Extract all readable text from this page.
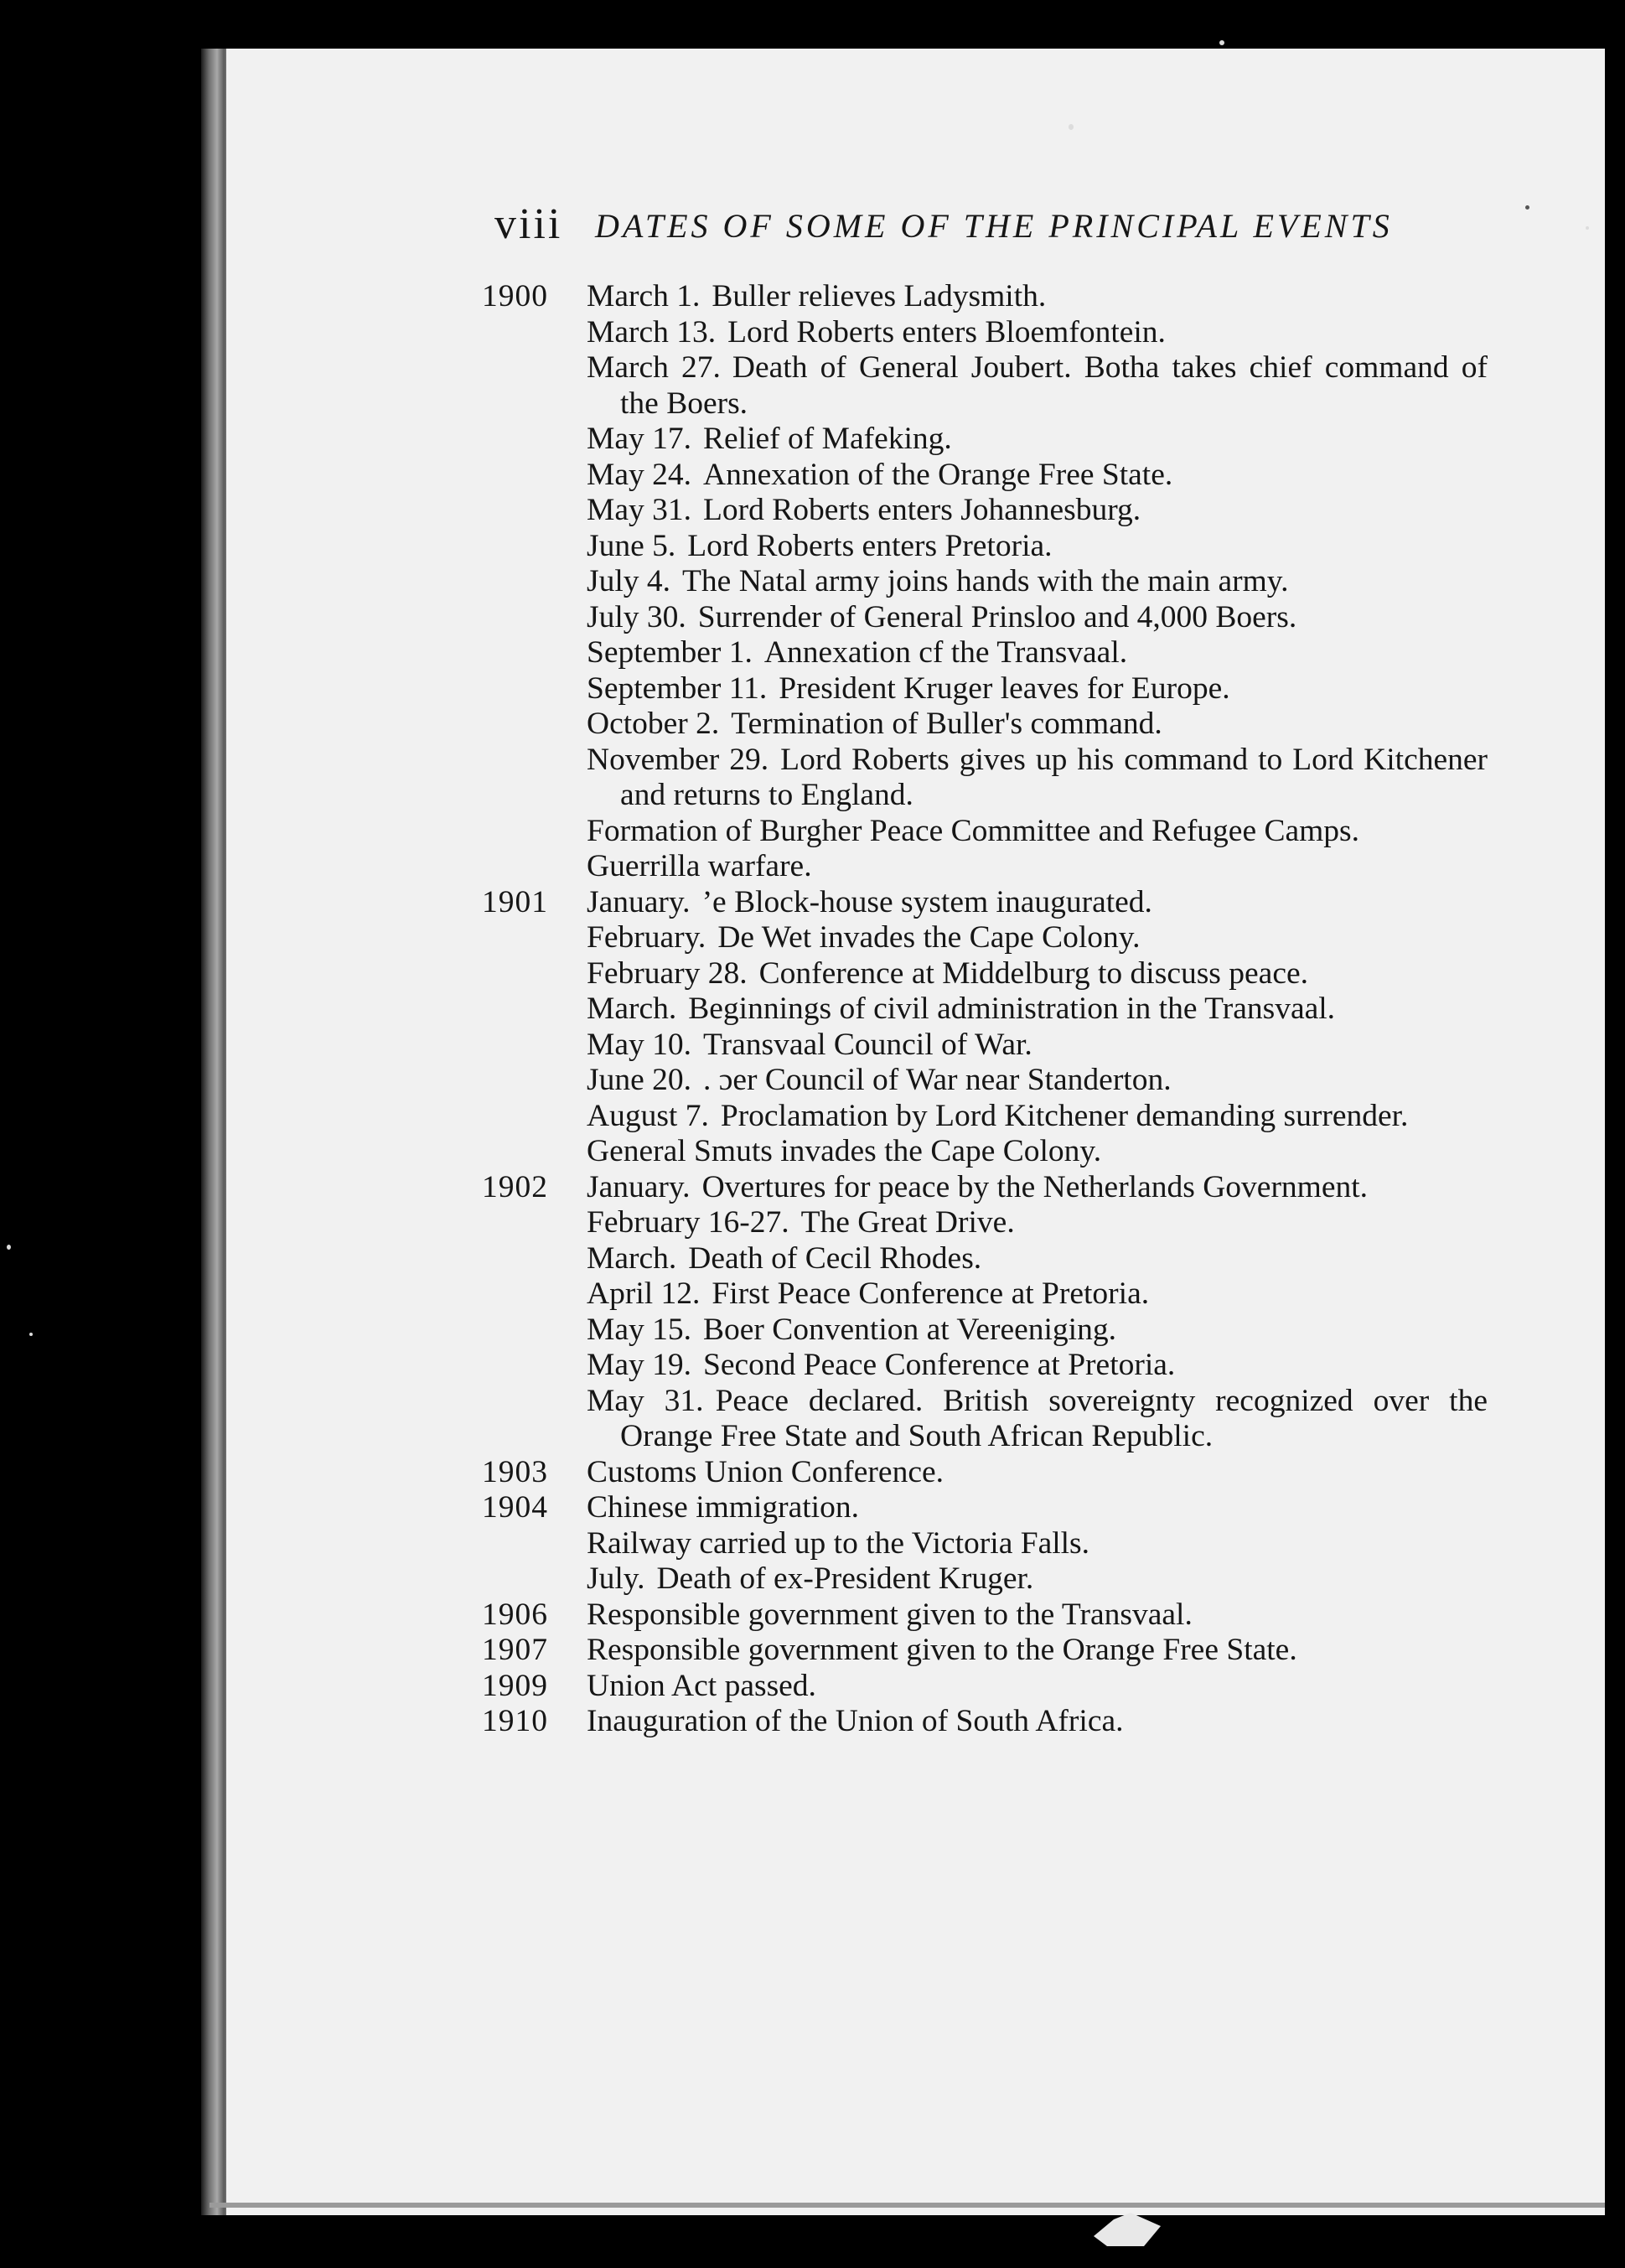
viii DATES OF SOME OF THE PRINCIPAL EVENTS
1900	March 1. Buller relieves Ladysmith.
March 13. Lord Roberts enters Bloemfontein.
March 27. Death of General Joubert. Botha takes chief command of the Boers.
May 17. Relief of Mafeking.
May 24. Annexation of the Orange Free State.
May 31. Lord Roberts enters Johannesburg.
June 5. Lord Roberts enters Pretoria.
July 4. The Natal army joins hands with the main army.
July 30. Surrender of General Prinsloo and 4,000 Boers.
September 1. Annexation cf the Transvaal.
September 11. President Kruger leaves for Europe.
October 2. Termination of Buller's command.
November 29. Lord Roberts gives up his command to Lord Kitchener and returns to England.
Formation of Burgher Peace Committee and Refugee Camps.
Guerrilla warfare.
1901	January. ʼe Block-house system inaugurated.
February. De Wet invades the Cape Colony.
February 28. Conference at Middelburg to discuss peace.
March. Beginnings of civil administration in the Transvaal.
May 10. Transvaal Council of War.
June 20. . ɔer Council of War near Standerton.
August 7. Proclamation by Lord Kitchener demanding surrender.
General Smuts invades the Cape Colony.
1902	January. Overtures for peace by the Netherlands Government.
February 16-27. The Great Drive.
March. Death of Cecil Rhodes.
April 12. First Peace Conference at Pretoria.
May 15. Boer Convention at Vereeniging.
May 19. Second Peace Conference at Pretoria.
May 31. Peace declared. British sovereignty recognized over the Orange Free State and South African Republic.
1903	Customs Union Conference.
1904	Chinese immigration.
Railway carried up to the Victoria Falls.
July. Death of ex-President Kruger.
1906	Responsible government given to the Transvaal.
1907	Responsible government given to the Orange Free State.
1909	Union Act passed.
1910	Inauguration of the Union of South Africa.
